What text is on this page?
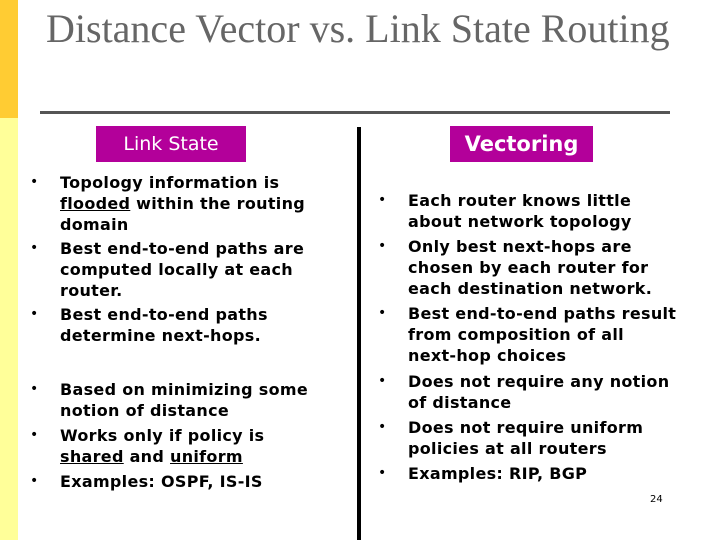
Distance Vector vs. Link State Routing
Link State	Vectoring
• Topology information is flooded within the routing domain
• Best end-to-end paths are computed locally at each router.
• Best end-to-end paths determine next-hops.
• Based on minimizing some notion of distance
• Works only if policy is shared and uniform
• Examples: OSPF, IS-IS
• Each router knows little about network topology
• Only best next-hops are chosen by each router for each destination network.
• Best end-to-end paths result from composition of all next-hop choices
• Does not require any notion of distance
• Does not require uniform policies at all routers
• Examples: RIP, BGP
24
